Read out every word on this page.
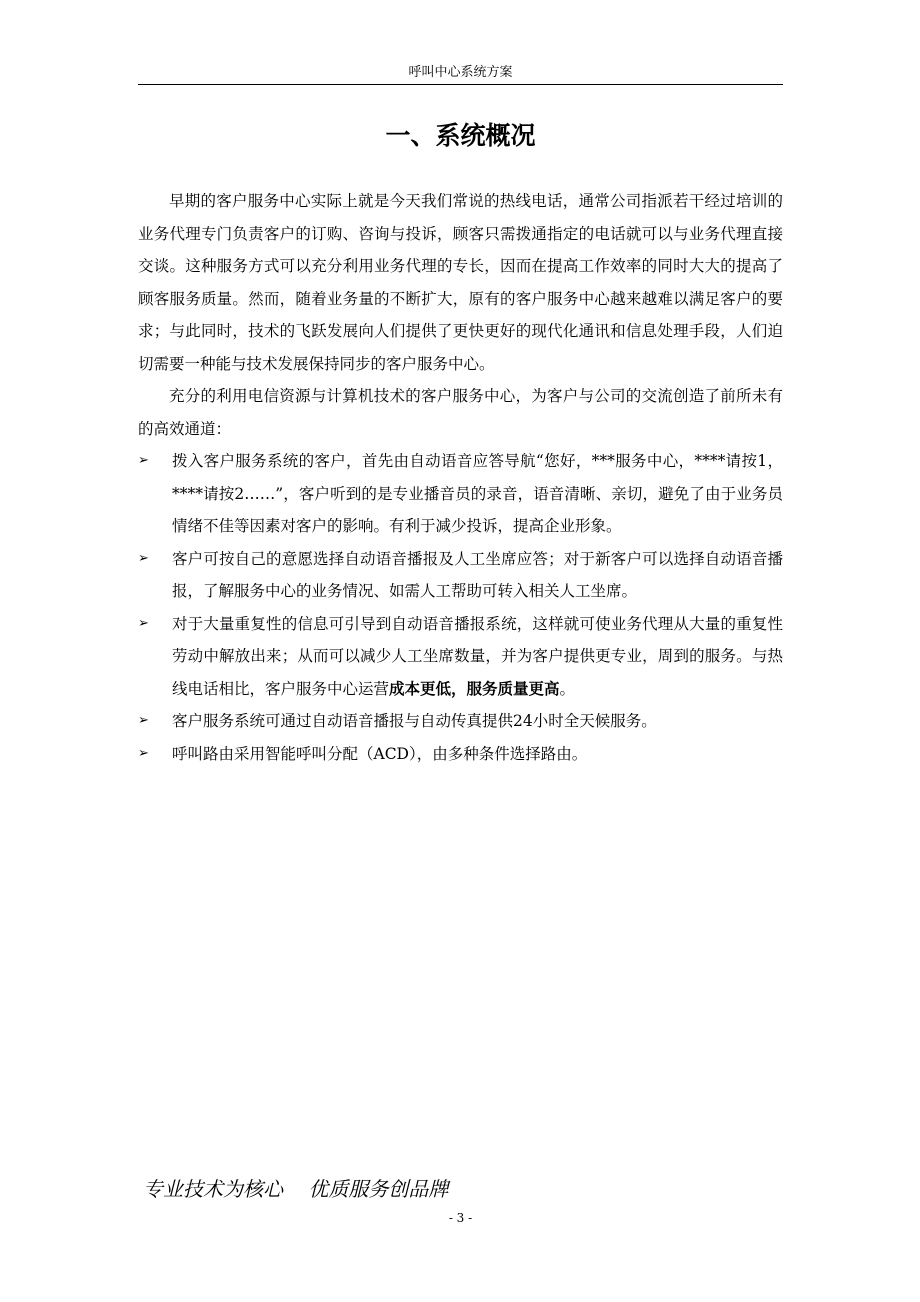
呼叫中心系统方案
一、系统概况

早期的客户服务中心实际上就是今天我们常说的热线电话，通常公司指派若干经过培训的业务代理专门负责客户的订购、咨询与投诉，顾客只需拨通指定的电话就可以与业务代理直接交谈。这种服务方式可以充分利用业务代理的专长，因而在提高工作效率的同时大大的提高了顾客服务质量。然而，随着业务量的不断扩大，原有的客户服务中心越来越难以满足客户的要求；与此同时，技术的飞跃发展向人们提供了更快更好的现代化通讯和信息处理手段，人们迫切需要一种能与技术发展保持同步的客户服务中心。

充分的利用电信资源与计算机技术的客户服务中心，为客户与公司的交流创造了前所未有的高效通道：

➢	拨入客户服务系统的客户，首先由自动语音应答导航“您好，***服务中心，****请按1，****请按2……”，客户听到的是专业播音员的录音，语音清晰、亲切，避免了由于业务员情绪不佳等因素对客户的影响。有利于减少投诉，提高企业形象。
➢	客户可按自己的意愿选择自动语音播报及人工坐席应答；对于新客户可以选择自动语音播报，了解服务中心的业务情况、如需人工帮助可转入相关人工坐席。
➢	对于大量重复性的信息可引导到自动语音播报系统，这样就可使业务代理从大量的重复性劳动中解放出来；从而可以减少人工坐席数量，并为客户提供更专业，周到的服务。与热线电话相比，客户服务中心运营成本更低，服务质量更高。
➢	客户服务系统可通过自动语音播报与自动传真提供24小时全天候服务。
➢	呼叫路由采用智能呼叫分配（ACD），由多种条件选择路由。
专业技术为核心    优质服务创品牌
- 3 -
